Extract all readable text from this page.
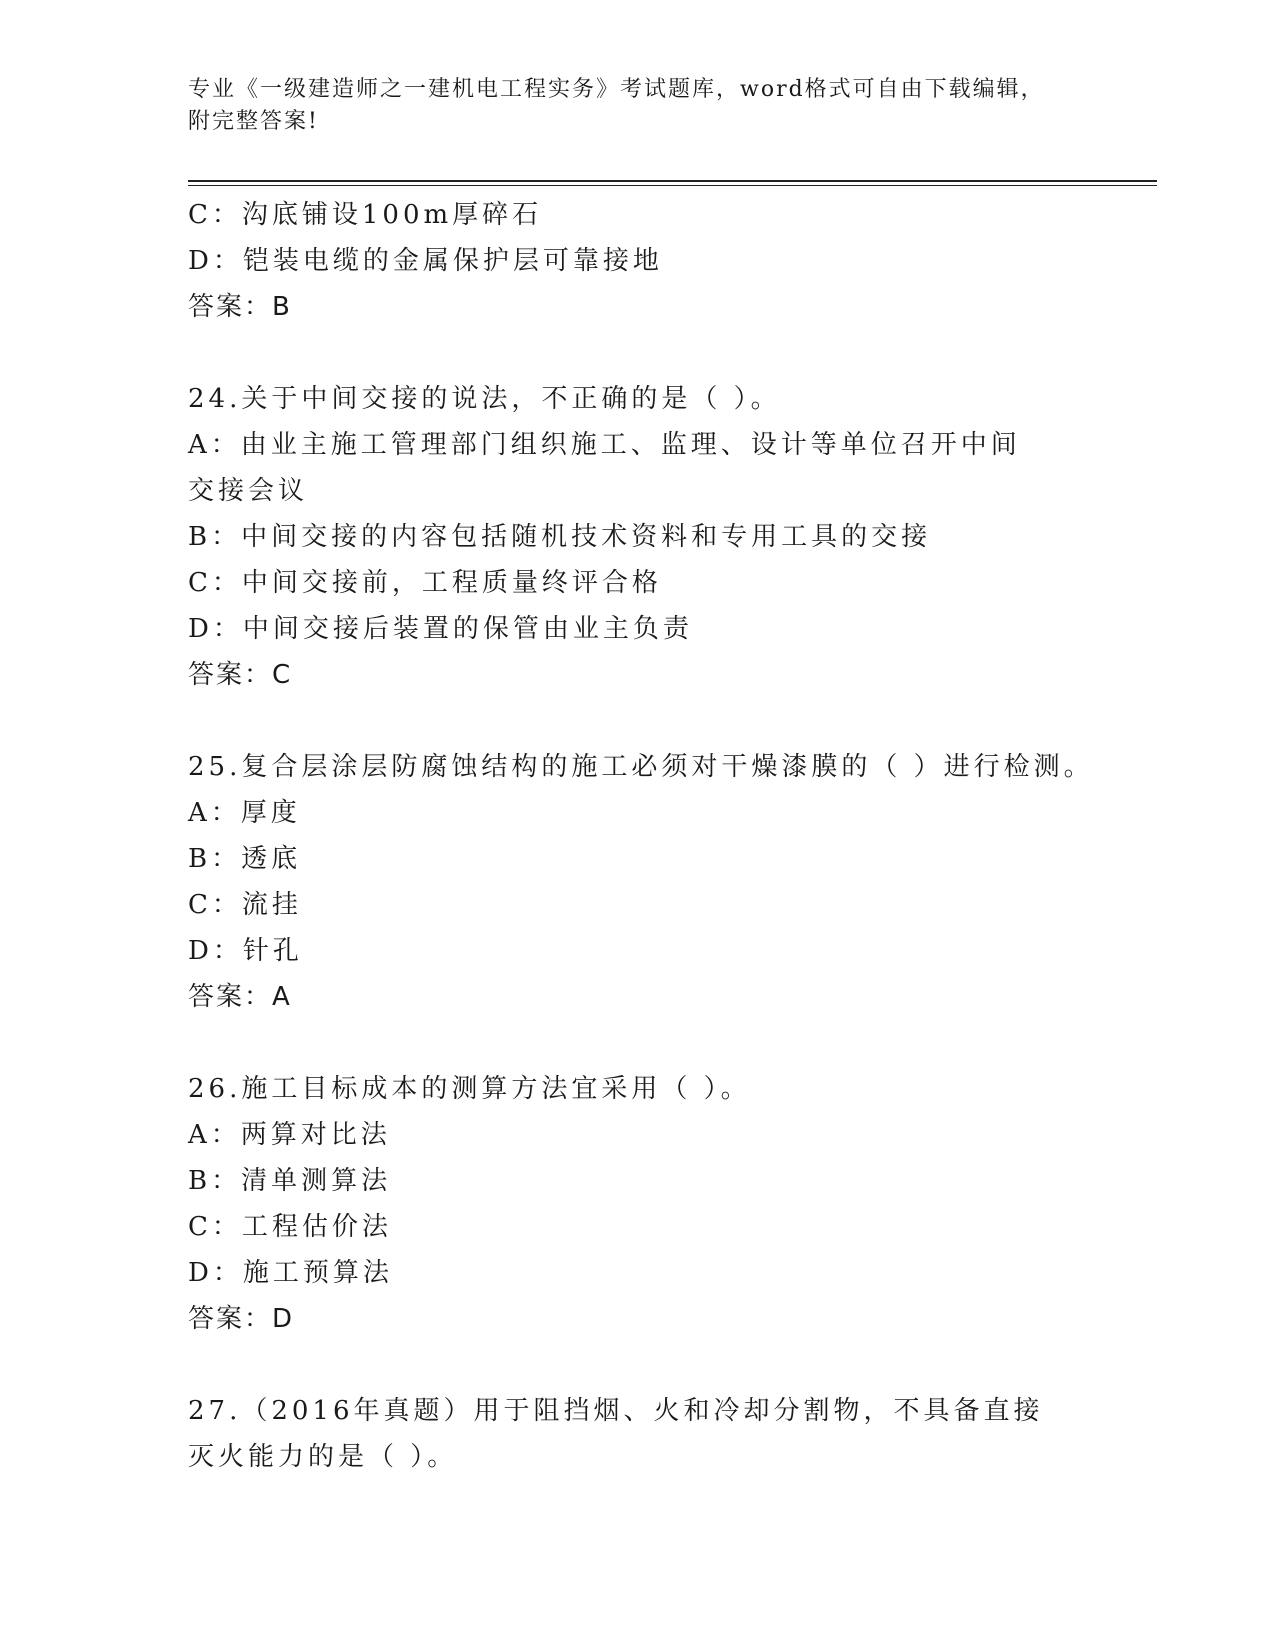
专业《一级建造师之一建机电工程实务》考试题库，word格式可自由下载编辑，
附完整答案!
C：沟底铺设100m厚碎石
D：铠装电缆的金属保护层可靠接地
答案：B
24.关于中间交接的说法，不正确的是（ ）。
A：由业主施工管理部门组织施工、监理、设计等单位召开中间交接会议
B：中间交接的内容包括随机技术资料和专用工具的交接
C：中间交接前，工程质量终评合格
D：中间交接后装置的保管由业主负责
答案：C
25.复合层涂层防腐蚀结构的施工必须对干燥漆膜的（ ）进行检测。
A：厚度
B：透底
C：流挂
D：针孔
答案：A
26.施工目标成本的测算方法宜采用（ ）。
A：两算对比法
B：清单测算法
C：工程估价法
D：施工预算法
答案：D
27.（2016年真题）用于阻挡烟、火和冷却分割物，不具备直接灭火能力的是（ ）。
